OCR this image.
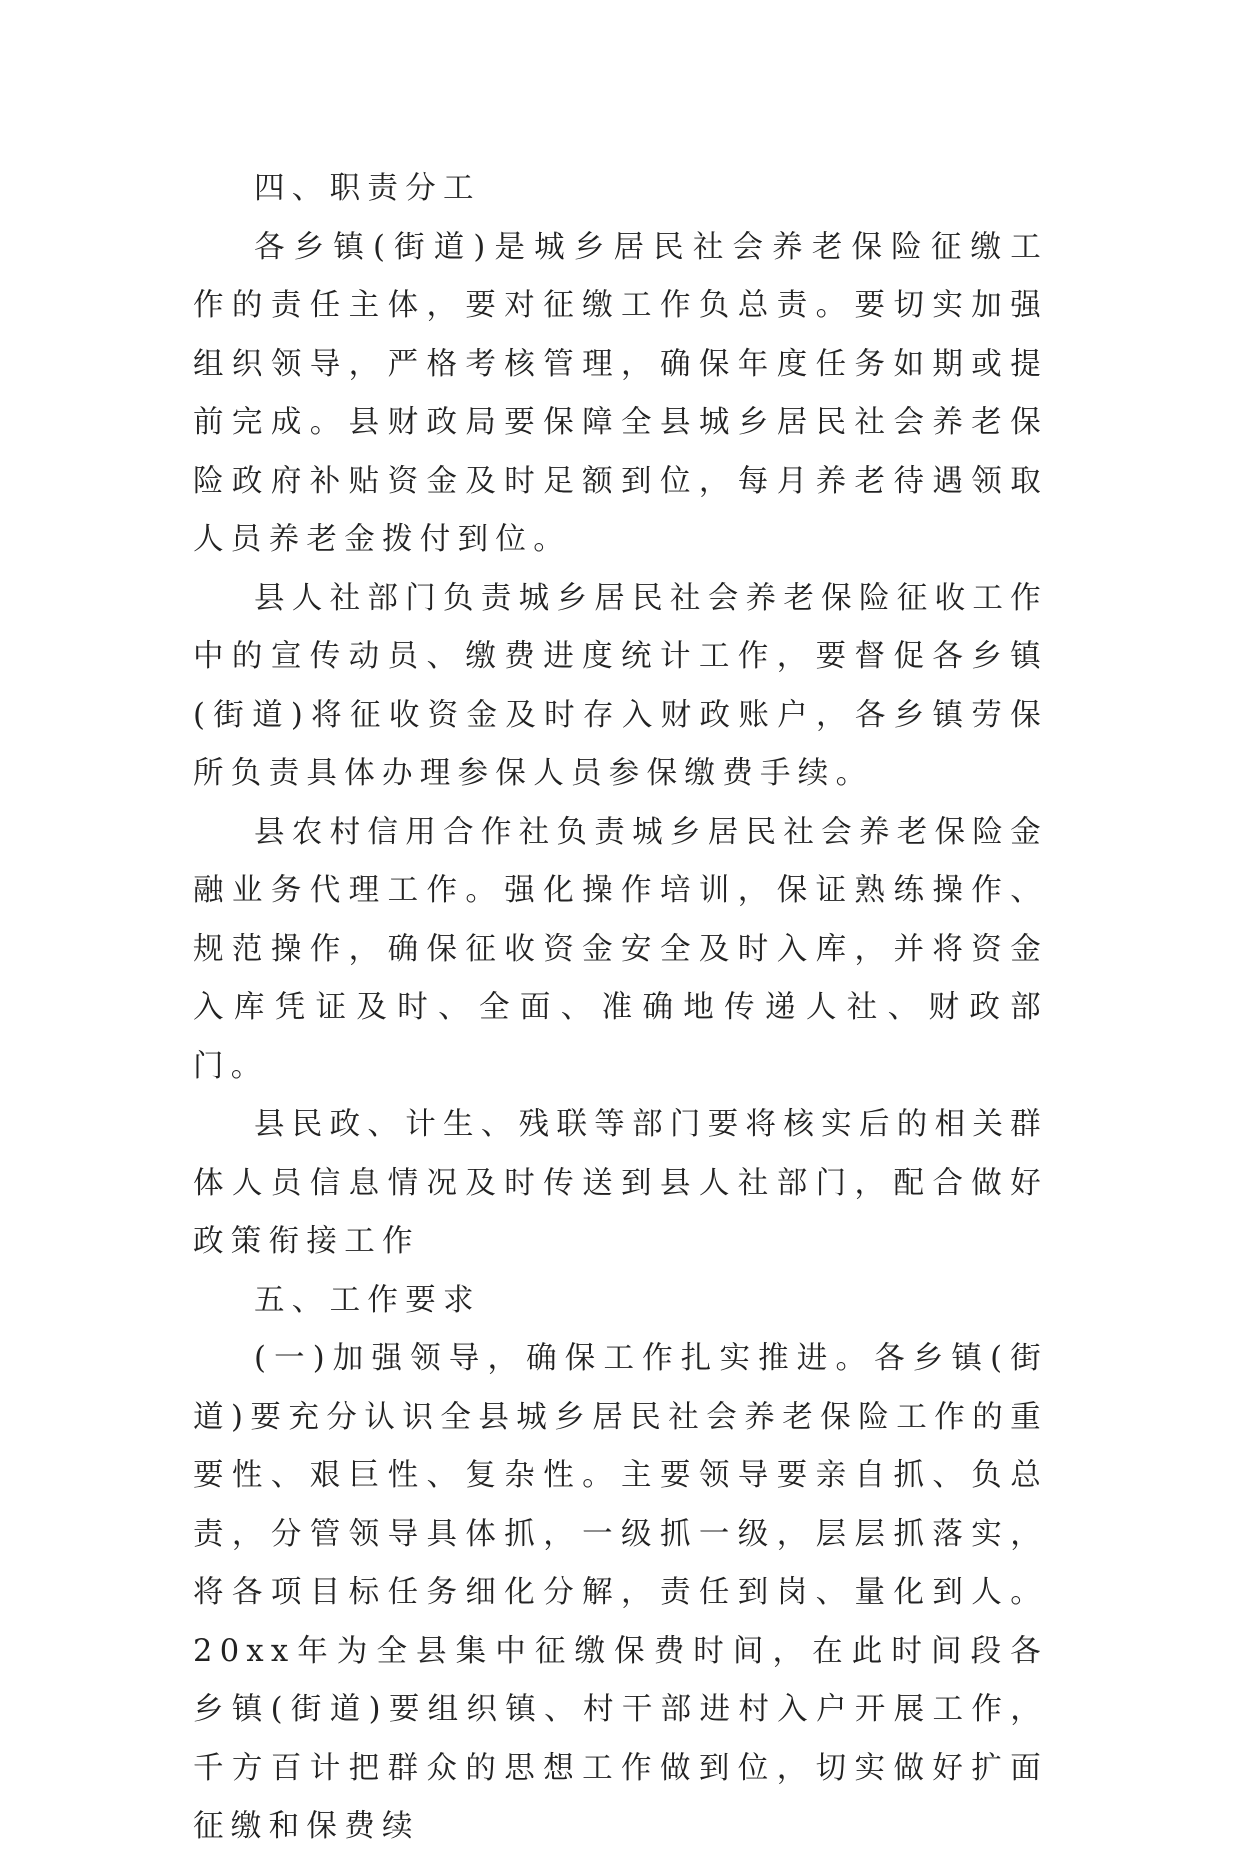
四、职责分工

各乡镇(街道)是城乡居民社会养老保险征缴工作的责任主体，要对征缴工作负总责。要切实加强组织领导，严格考核管理，确保年度任务如期或提前完成。县财政局要保障全县城乡居民社会养老保险政府补贴资金及时足额到位，每月养老待遇领取人员养老金拨付到位。

县人社部门负责城乡居民社会养老保险征收工作中的宣传动员、缴费进度统计工作，要督促各乡镇(街道)将征收资金及时存入财政账户，各乡镇劳保所负责具体办理参保人员参保缴费手续。

县农村信用合作社负责城乡居民社会养老保险金融业务代理工作。强化操作培训，保证熟练操作、规范操作，确保征收资金安全及时入库，并将资金入库凭证及时、全面、准确地传递人社、财政部门。

县民政、计生、残联等部门要将核实后的相关群体人员信息情况及时传送到县人社部门，配合做好政策衔接工作

五、工作要求

(一)加强领导，确保工作扎实推进。各乡镇(街道)要充分认识全县城乡居民社会养老保险工作的重要性、艰巨性、复杂性。主要领导要亲自抓、负总责，分管领导具体抓，一级抓一级，层层抓落实，将各项目标任务细化分解，责任到岗、量化到人。20xx年为全县集中征缴保费时间，在此时间段各乡镇(街道)要组织镇、村干部进村入户开展工作，千方百计把群众的思想工作做到位，切实做好扩面征缴和保费续
